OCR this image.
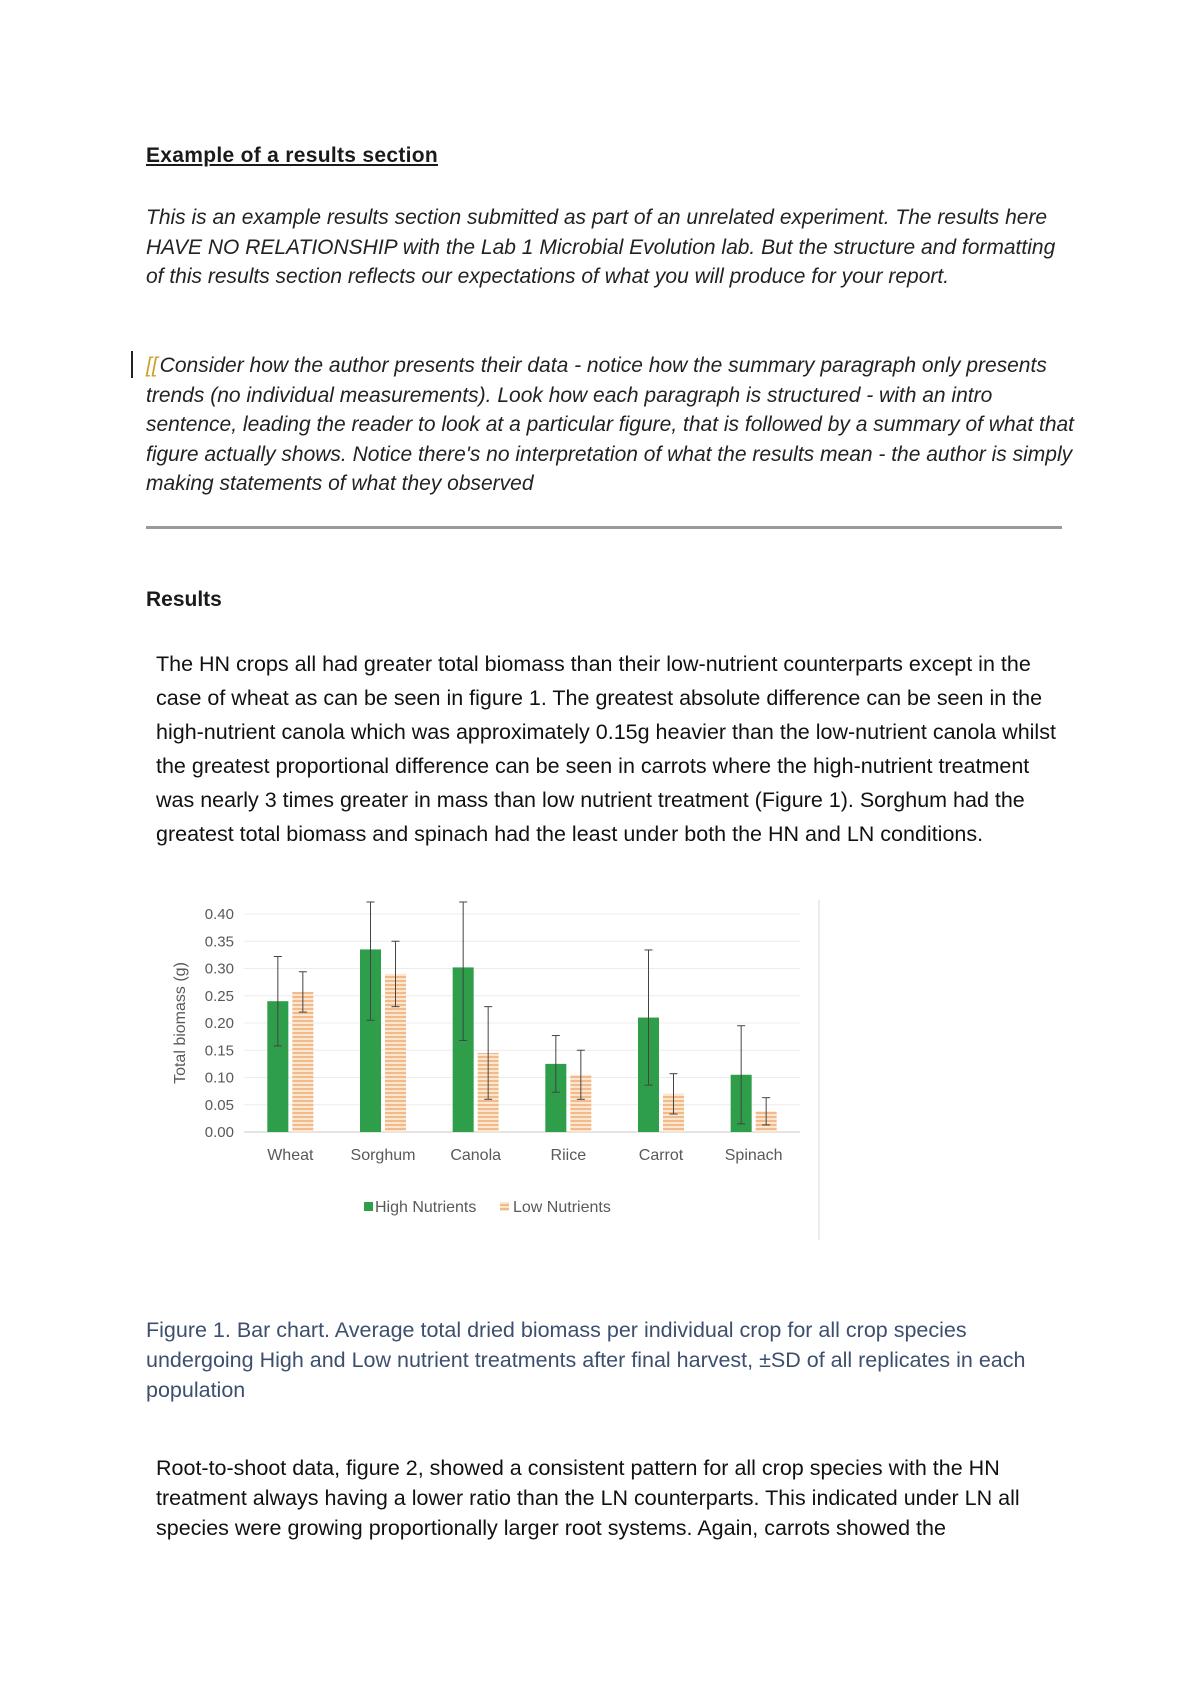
Example of a results section
This is an example results section submitted as part of an unrelated experiment. The results here HAVE NO RELATIONSHIP with the Lab 1 Microbial Evolution lab. But the structure and formatting of this results section reflects our expectations of what you will produce for your report.
[[Consider how the author presents their data - notice how the summary paragraph only presents trends (no individual measurements). Look how each paragraph is structured - with an intro sentence, leading the reader to look at a particular figure, that is followed by a summary of what that figure actually shows. Notice there's no interpretation of what the results mean - the author is simply making statements of what they observed
Results
The HN crops all had greater total biomass than their low-nutrient counterparts except in the case of wheat as can be seen in figure 1. The greatest absolute difference can be seen in the high-nutrient canola which was approximately 0.15g heavier than the low-nutrient canola whilst the greatest proportional difference can be seen in carrots where the high-nutrient treatment was nearly 3 times greater in mass than low nutrient treatment (Figure 1). Sorghum had the greatest total biomass and spinach had the least under both the HN and LN conditions.
0.00
0.05
0.10
0.15
0.20
0.25
0.30
0.35
0.40
Total biomass (g)
Wheat Sorghum Canola	Riice	Carrot	Spinach
High Nutrients Low Nutrients
Figure 1. Bar chart. Average total dried biomass per individual crop for all crop species undergoing High and Low nutrient treatments after final harvest, ±SD of all replicates in each population
Root-to-shoot data, figure 2, showed a consistent pattern for all crop species with the HN treatment always having a lower ratio than the LN counterparts. This indicated under LN all species were growing proportionally larger root systems. Again, carrots showed the
